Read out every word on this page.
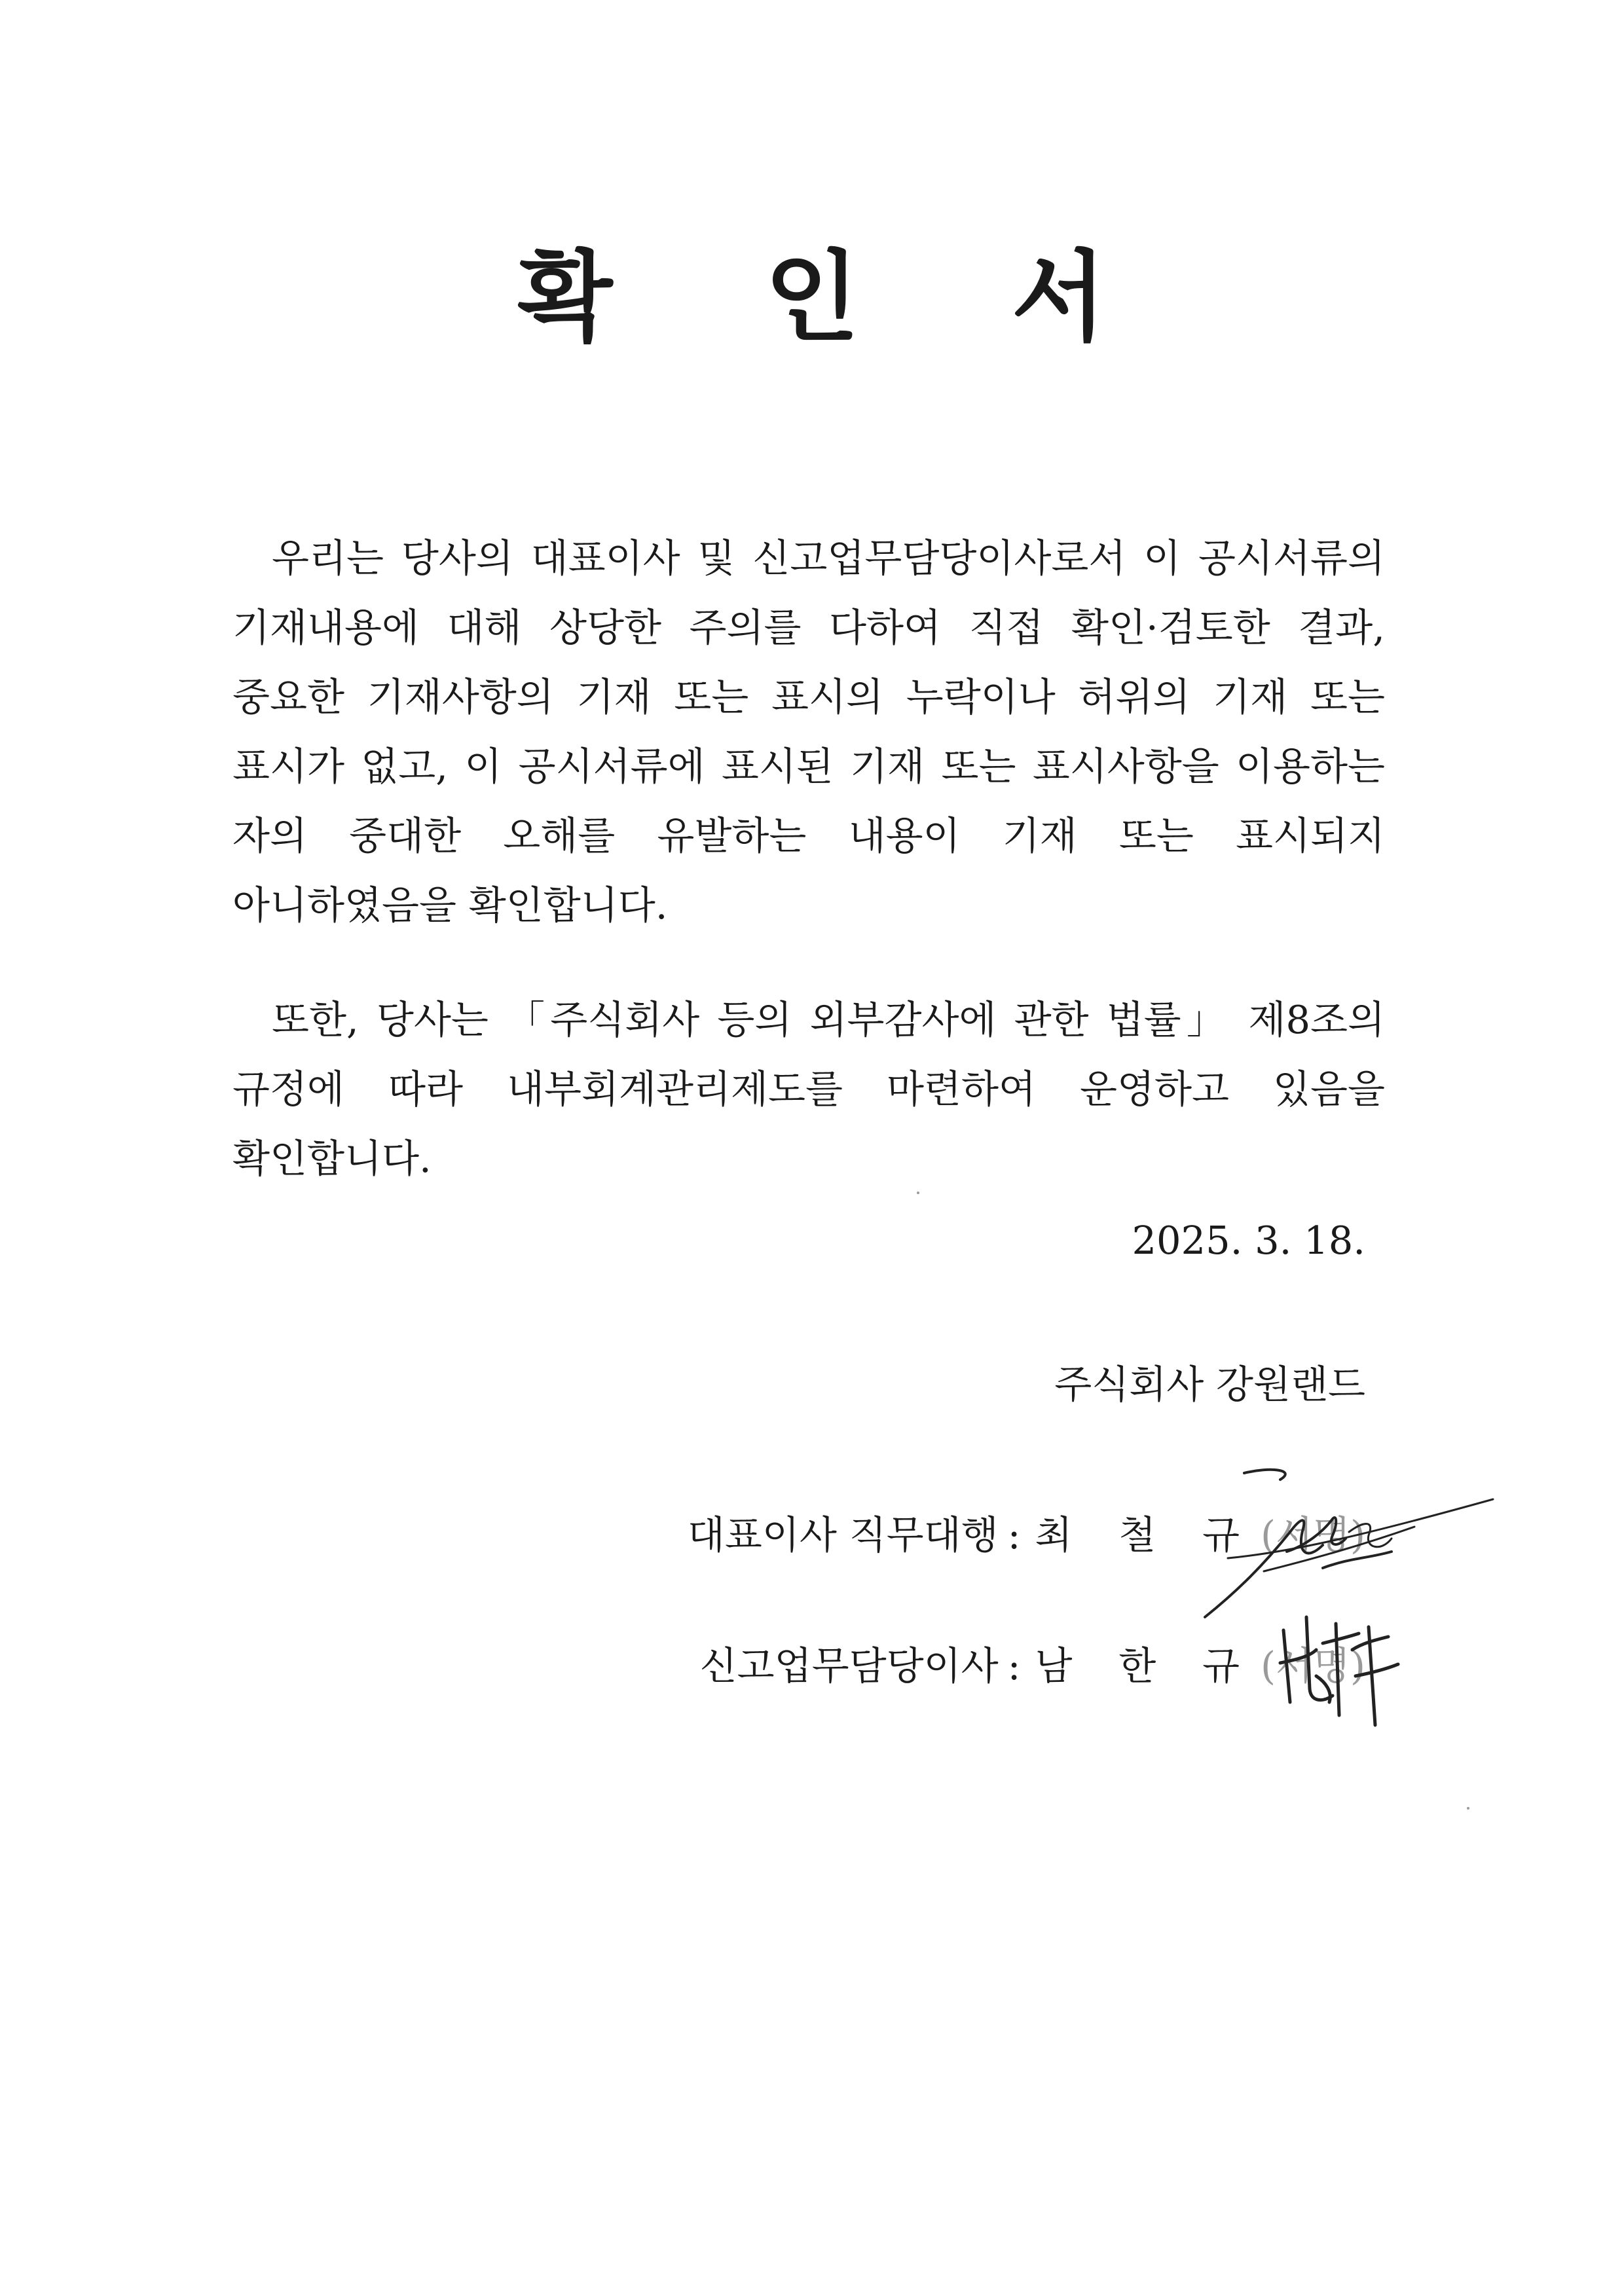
확 인 서

우리는 당사의 대표이사 및 신고업무담당이사로서 이 공시서류의 기재내용에 대해 상당한 주의를 다하여 직접 확인·검토한 결과, 중요한 기재사항의 기재 또는 표시의 누락이나 허위의 기재 또는 표시가 없고, 이 공시서류에 표시된 기재 또는 표시사항을 이용하는 자의 중대한 오해를 유발하는 내용이 기재 또는 표시되지 아니하였음을 확인합니다.

또한, 당사는 「주식회사 등의 외부감사에 관한 법률」 제8조의 규정에 따라 내부회계관리제도를 마련하여 운영하고 있음을 확인합니다.

2025. 3. 18.

주식회사 강원랜드

대표이사 직무대행 : 최 철 규 (서명)
신고업무담당이사 : 남 한 규 (서명)
